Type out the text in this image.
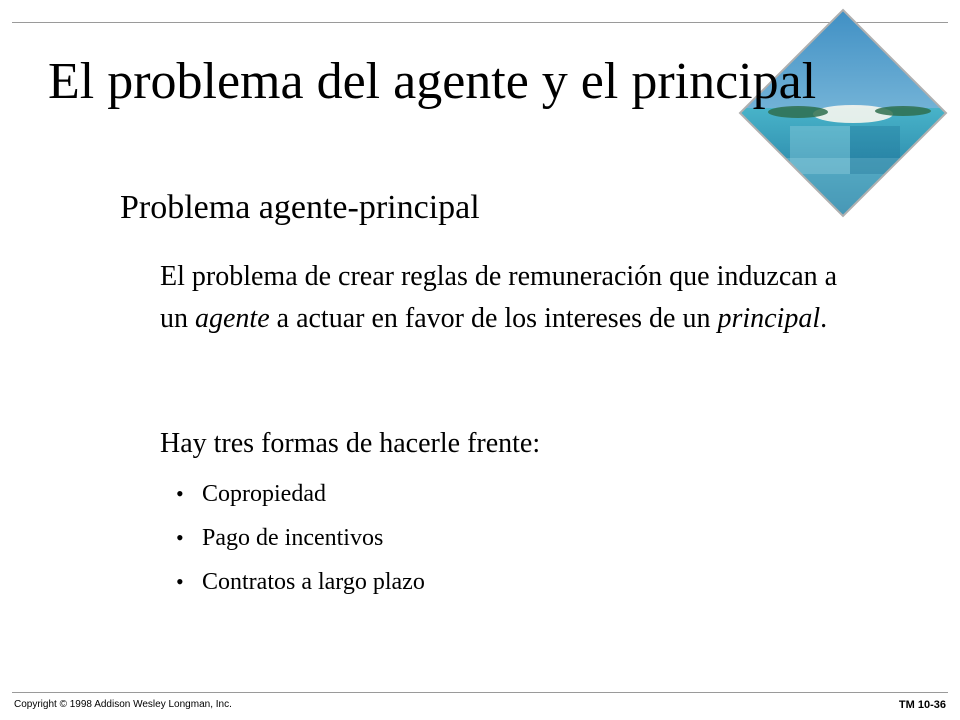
El problema del agente y el principal
Problema agente-principal

El problema de crear reglas de remuneración que induzcan a un agente a actuar en favor de los intereses de un principal.

Hay tres formas de hacerle frente:

• Copropiedad
• Pago de incentivos
• Contratos a largo plazo
Copyright © 1998 Addison Wesley Longman, Inc.	TM 10-36
